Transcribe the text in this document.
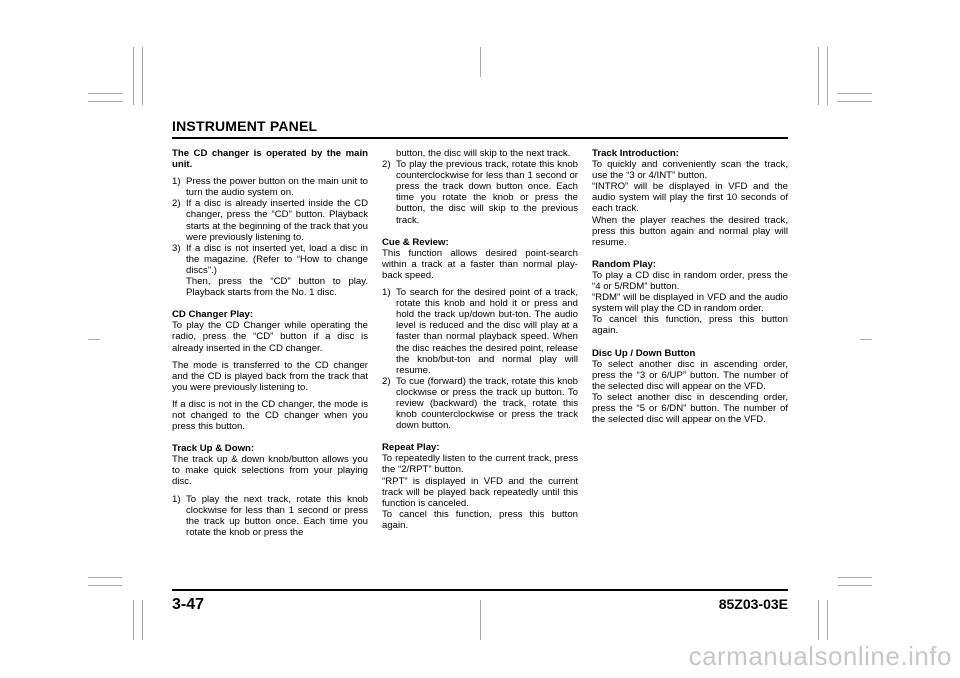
INSTRUMENT PANEL

The CD changer is operated by the main unit.

1) Press the power button on the main unit to turn the audio system on.
2) If a disc is already inserted inside the CD changer, press the “CD” button. Playback starts at the beginning of the track that you were previously listening to.
3) If a disc is not inserted yet, load a disc in the magazine. (Refer to “How to change discs”.)
Then, press the “CD” button to play. Playback starts from the No. 1 disc.

CD Changer Play:

To play the CD Changer while operating the radio, press the “CD” button if a disc is already inserted in the CD changer.

The mode is transferred to the CD changer and the CD is played back from the track that you were previously listening to.

If a disc is not in the CD changer, the mode is not changed to the CD changer when you press this button.

Track Up & Down:

The track up & down knob/button allows you to make quick selections from your playing disc.

1) To play the next track, rotate this knob clockwise for less than 1 second or press the track up button once. Each time you rotate the knob or press the
button, the disc will skip to the next track.
2) To play the previous track, rotate this knob counterclockwise for less than 1 second or press the track down button once. Each time you rotate the knob or press the button, the disc will skip to the previous track.

Cue & Review:

This function allows desired point-search within a track at a faster than normal play-back speed.

1) To search for the desired point of a track, rotate this knob and hold it or press and hold the track up/down but-ton. The audio level is reduced and the disc will play at a faster than normal playback speed. When the disc reaches the desired point, release the knob/but-ton and normal play will resume.
2) To cue (forward) the track, rotate this knob clockwise or press the track up button. To review (backward) the track, rotate this knob counterclockwise or press the track down button.

Repeat Play:

To repeatedly listen to the current track, press the “2/RPT” button.

“RPT” is displayed in VFD and the current track will be played back repeatedly until this function is canceled.

To cancel this function, press this button again.

Track Introduction:

To quickly and conveniently scan the track, use the “3 or 4/INT” button.

“INTRO” will be displayed in VFD and the audio system will play the first 10 seconds of each track.

When the player reaches the desired track, press this button again and normal play will resume.

Random Play:

To play a CD disc in random order, press the “4 or 5/RDM” button.

“RDM” will be displayed in VFD and the audio system will play the CD in random order.

To cancel this function, press this button again.

Disc Up / Down Button

To select another disc in ascending order, press the “3 or 6/UP” button. The number of the selected disc will appear on the VFD.

To select another disc in descending order, press the “5 or 6/DN” button. The number of the selected disc will appear on the VFD.

3-47	85Z03-03E
carmanualsonline.info
